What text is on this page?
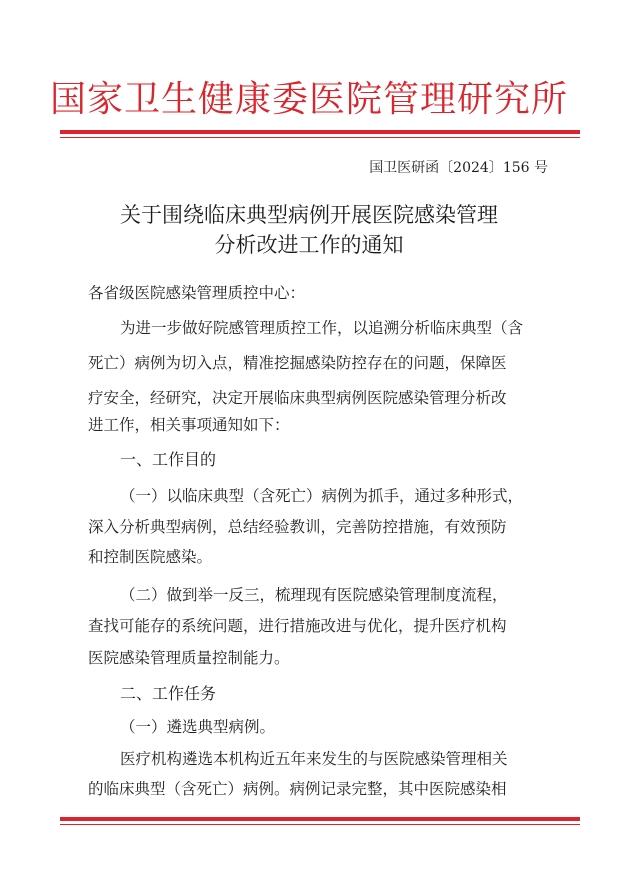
国家卫生健康委医院管理研究所
国卫医研函〔2024〕156 号
关于围绕临床典型病例开展医院感染管理
分析改进工作的通知
各省级医院感染管理质控中心：
为进一步做好院感管理质控工作，以追溯分析临床典型（含
死亡）病例为切入点，精准挖掘感染防控存在的问题，保障医
疗安全，经研究，决定开展临床典型病例医院感染管理分析改
进工作，相关事项通知如下：
一、工作目的
（一）以临床典型（含死亡）病例为抓手，通过多种形式，
深入分析典型病例，总结经验教训，完善防控措施，有效预防
和控制医院感染。
（二）做到举一反三，梳理现有医院感染管理制度流程，
查找可能存的系统问题，进行措施改进与优化，提升医疗机构
医院感染管理质量控制能力。
二、工作任务
（一）遴选典型病例。
医疗机构遴选本机构近五年来发生的与医院感染管理相关
的临床典型（含死亡）病例。病例记录完整，其中医院感染相
